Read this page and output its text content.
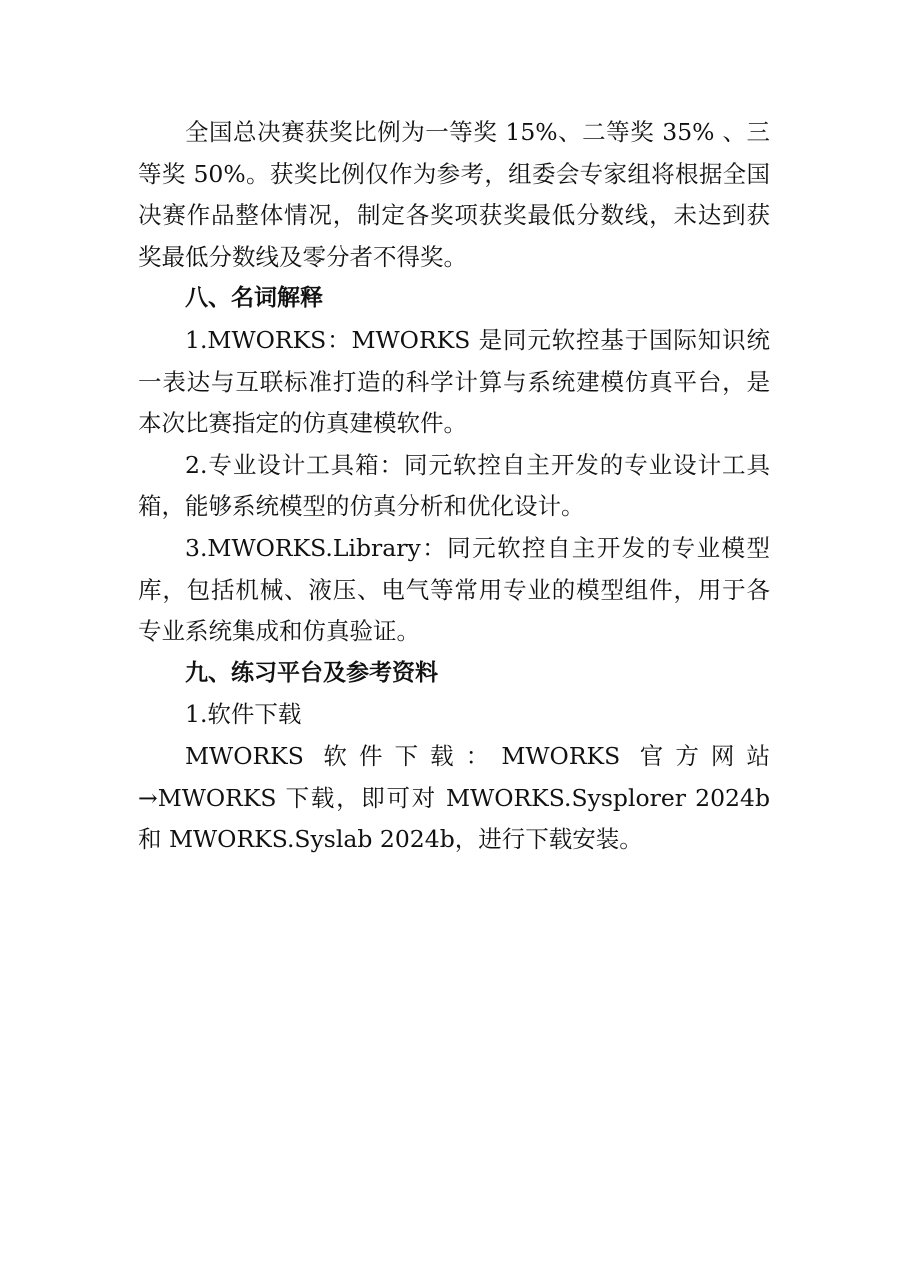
全国总决赛获奖比例为一等奖 15%、二等奖 35% 、三等奖 50%。获奖比例仅作为参考，组委会专家组将根据全国决赛作品整体情况，制定各奖项获奖最低分数线，未达到获奖最低分数线及零分者不得奖。

八、名词解释

1.MWORKS：MWORKS 是同元软控基于国际知识统一表达与互联标准打造的科学计算与系统建模仿真平台，是本次比赛指定的仿真建模软件。

2.专业设计工具箱：同元软控自主开发的专业设计工具箱，能够系统模型的仿真分析和优化设计。

3.MWORKS.Library：同元软控自主开发的专业模型库，包括机械、液压、电气等常用专业的模型组件，用于各专业系统集成和仿真验证。

九、练习平台及参考资料

1.软件下载

MWORKS 软件下载：MWORKS 官方网站→MWORKS 下载，即可对 MWORKS.Sysplorer 2024b 和 MWORKS.Syslab 2024b，进行下载安装。
